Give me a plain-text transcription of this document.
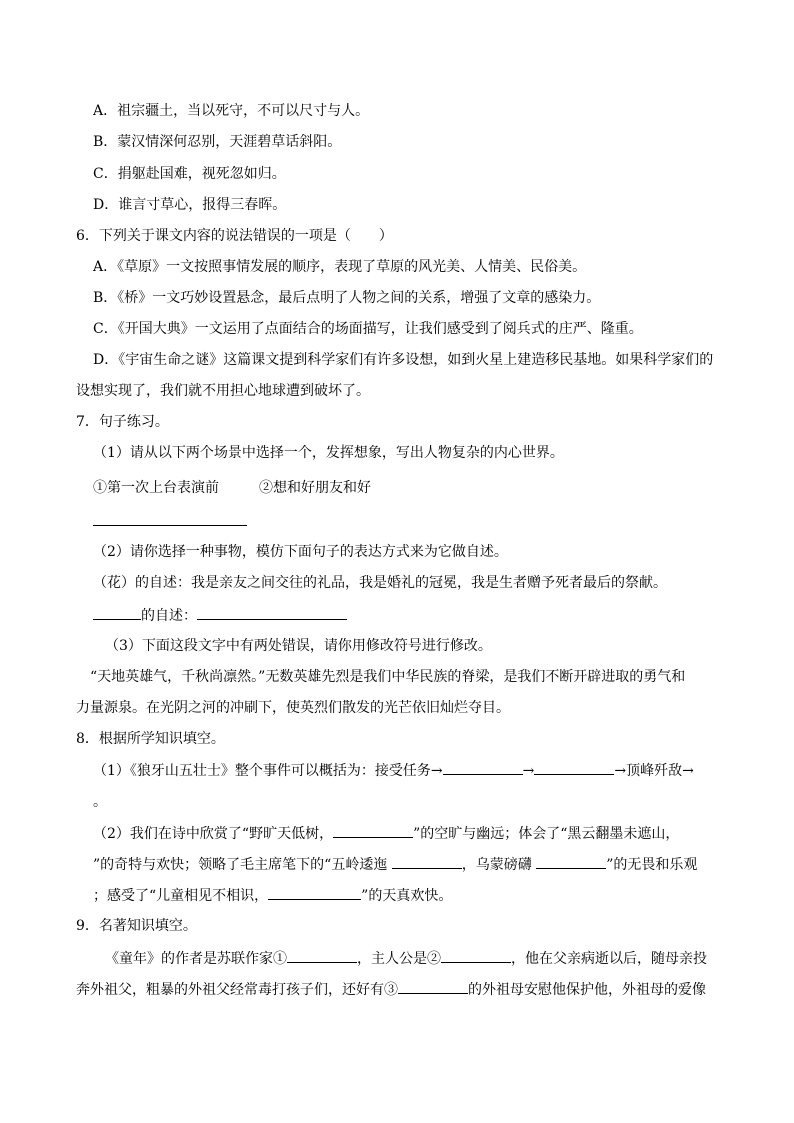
A．祖宗疆土，当以死守，不可以尺寸与人。
B．蒙汉情深何忍别，天涯碧草话斜阳。
C．捐躯赴国难，视死忽如归。
D．谁言寸草心，报得三春晖。
6．下列关于课文内容的说法错误的一项是（　　）
A．《草原》一文按照事情发展的顺序，表现了草原的风光美、人情美、民俗美。
B．《桥》一文巧妙设置悬念，最后点明了人物之间的关系，增强了文章的感染力。
C．《开国大典》一文运用了点面结合的场面描写，让我们感受到了阅兵式的庄严、隆重。
D．《宇宙生命之谜》这篇课文提到科学家们有许多设想，如到火星上建造移民基地。如果科学家们的
设想实现了，我们就不用担心地球遭到破坏了。
7．句子练习。
（1）请从以下两个场景中选择一个，发挥想象，写出人物复杂的内心世界。
①第一次上台表演前	②想和好朋友和好
（2）请你选择一种事物，模仿下面句子的表达方式来为它做自述。
（花）的自述：我是亲友之间交往的礼品，我是婚礼的冠冕，我是生者赠予死者最后的祭献。
的自述：
（3）下面这段文字中有两处错误，请你用修改符号进行修改。
“天地英雄气，千秋尚凛然。”无数英雄先烈是我们中华民族的脊梁，是我们不断开辟进取的勇气和
力量源泉。在光阴之河的冲刷下，使英烈们散发的光芒依旧灿烂夺目。
8．根据所学知识填空。
（1）《狼牙山五壮士》整个事件可以概括为：接受任务→	→	→顶峰歼敌→
。
（2）我们在诗中欣赏了“野旷天低树，	”的空旷与幽远；体会了“黑云翻墨未遮山，
”的奇特与欢快；领略了毛主席笔下的“五岭逶迤	，乌蒙磅礴	”的无畏和乐观
；感受了“儿童相见不相识，	”的天真欢快。
9．名著知识填空。
《童年》的作者是苏联作家①	，主人公是②	，他在父亲病逝以后，随母亲投
奔外祖父，粗暴的外祖父经常毒打孩子们，还好有③	的外祖母安慰他保护他，外祖母的爱像
